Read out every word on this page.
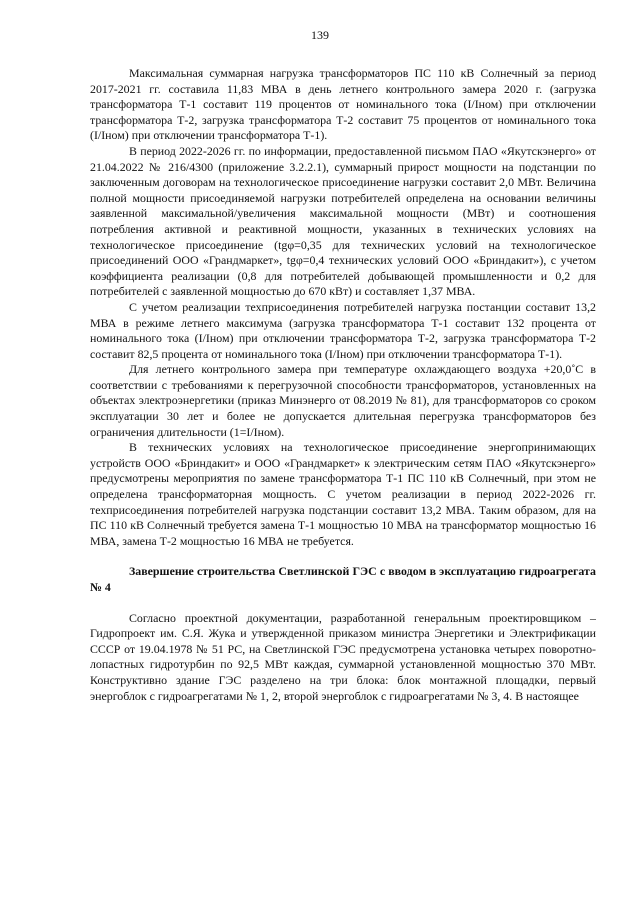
139

Максимальная суммарная нагрузка трансформаторов ПС 110 кВ Солнечный за период 2017-2021 гг. составила 11,83 МВА в день летнего контрольного замера 2020 г. (загрузка трансформатора Т-1 составит 119 процентов от номинального тока (I/Iном) при отключении трансформатора Т-2, загрузка трансформатора Т-2 составит 75 процентов от номинального тока (I/Iном) при отключении трансформатора Т-1).

В период 2022-2026 гг. по информации, предоставленной письмом ПАО «Якутскэнерго» от 21.04.2022 № 216/4300 (приложение 3.2.2.1), суммарный прирост мощности на подстанции по заключенным договорам на технологическое присоединение нагрузки составит 2,0 МВт. Величина полной мощности присоединяемой нагрузки потребителей определена на основании величины заявленной максимальной/увеличения максимальной мощности (МВт) и соотношения потребления активной и реактивной мощности, указанных в технических условиях на технологическое присоединение (tgφ=0,35 для технических условий на технологическое присоединений ООО «Грандмаркет», tgφ=0,4 технических условий ООО «Бриндакит»), с учетом коэффициента реализации (0,8 для потребителей добывающей промышленности и 0,2 для потребителей с заявленной мощностью до 670 кВт) и составляет 1,37 МВА.

С учетом реализации техприсоединения потребителей нагрузка постанции составит 13,2 МВА в режиме летнего максимума (загрузка трансформатора Т-1 составит 132 процента от номинального тока (I/Iном) при отключении трансформатора Т-2, загрузка трансформатора Т-2 составит 82,5 процента от номинального тока (I/Iном) при отключении трансформатора Т-1).

Для летнего контрольного замера при температуре охлаждающего воздуха +20,0˚С в соответствии с требованиями к перегрузочной способности трансформаторов, установленных на объектах электроэнергетики (приказ Минэнерго от 08.2019 № 81), для трансформаторов со сроком эксплуатации 30 лет и более не допускается длительная перегрузка трансформаторов без ограничения длительности (1=I/Iном).

В технических условиях на технологическое присоединение энергопринимающих устройств ООО «Бриндакит» и ООО «Грандмаркет» к электрическим сетям ПАО «Якутскэнерго» предусмотрены мероприятия по замене трансформатора Т-1 ПС 110 кВ Солнечный, при этом не определена трансформаторная мощность. С учетом реализации в период 2022-2026 гг. техприсоединения потребителей нагрузка подстанции составит 13,2 МВА. Таким образом, для на ПС 110 кВ Солнечный требуется замена Т-1 мощностью 10 МВА на трансформатор мощностью 16 МВА, замена Т-2 мощностью 16 МВА не требуется.

Завершение строительства Светлинской ГЭС с вводом в эксплуатацию гидроагрегата № 4

Согласно проектной документации, разработанной генеральным проектировщиком – Гидропроект им. С.Я. Жука и утвержденной приказом министра Энергетики и Электрификации СССР от 19.04.1978 № 51 РС, на Светлинской ГЭС предусмотрена установка четырех поворотно-лопастных гидротурбин по 92,5 МВт каждая, суммарной установленной мощностью 370 МВт. Конструктивно здание ГЭС разделено на три блока: блок монтажной площадки, первый энергоблок с гидроагрегатами № 1, 2, второй энергоблок с гидроагрегатами № 3, 4. В настоящее
